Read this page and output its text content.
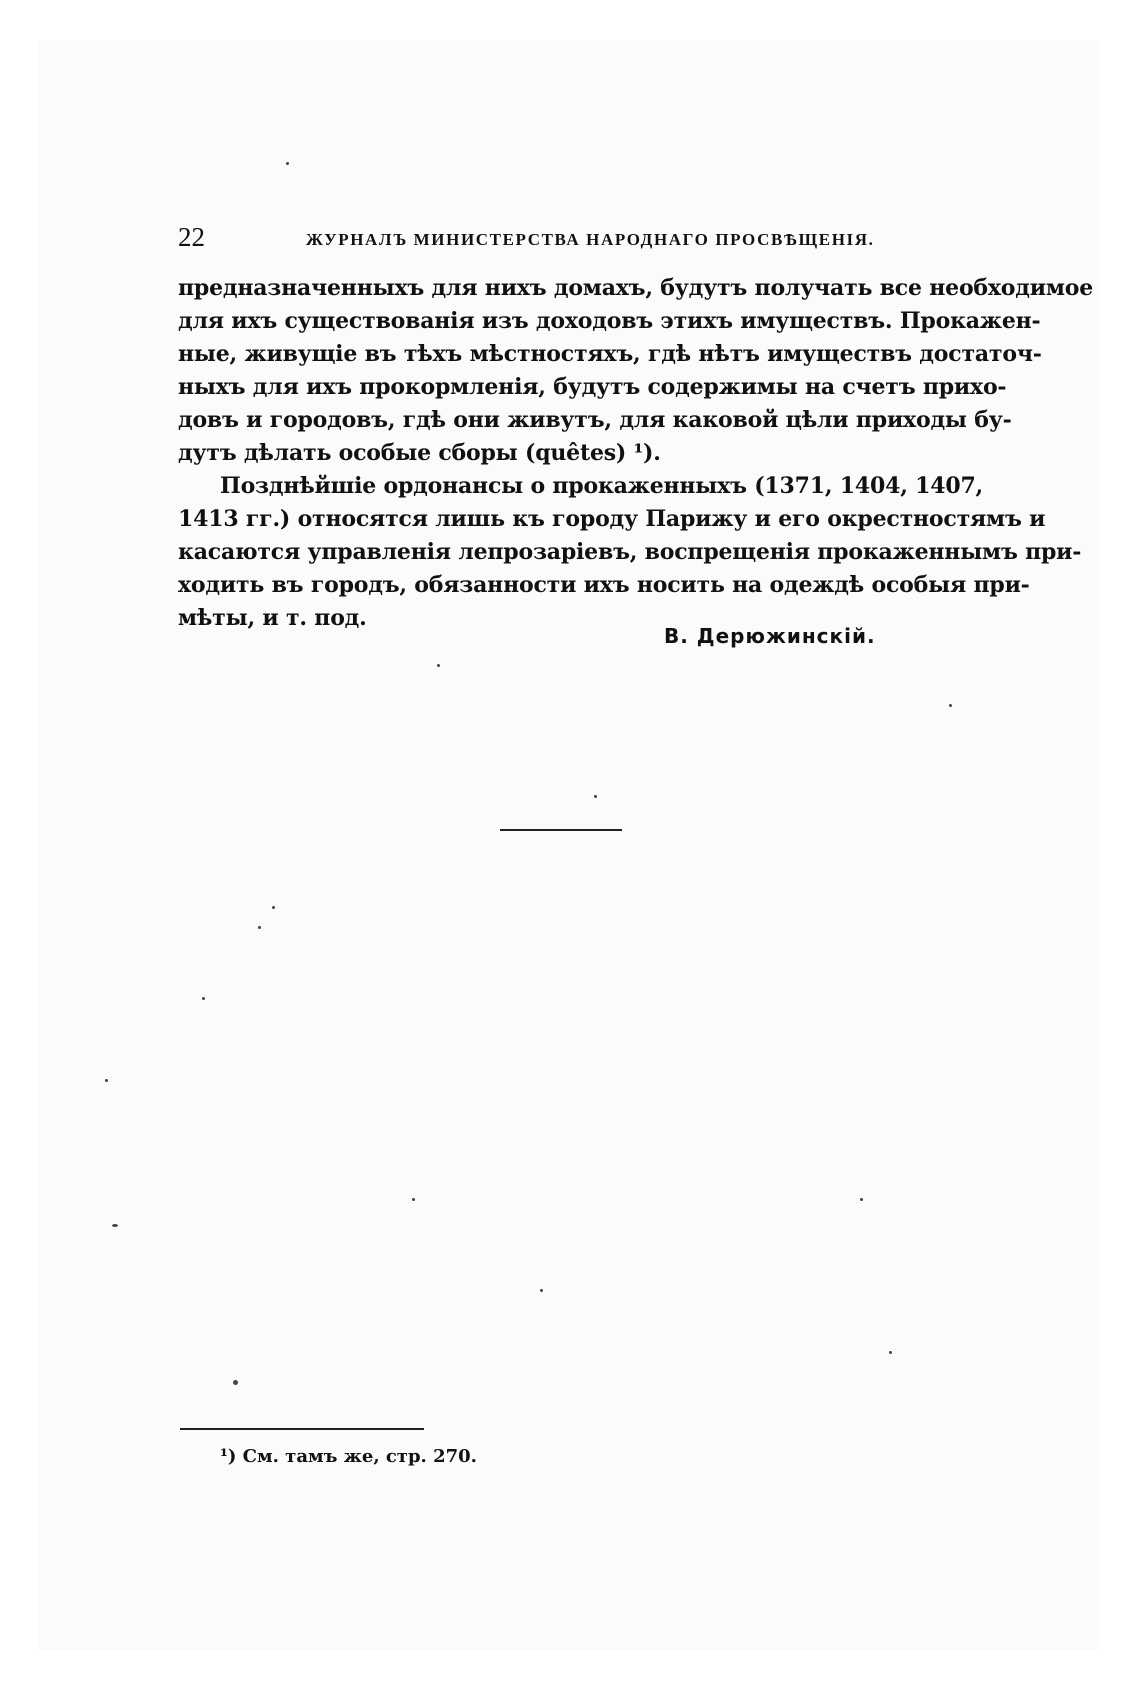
22	ЖУРНАЛЪ МИНИСТЕРСТВА НАРОДНАГО ПРОСВѢЩЕНІЯ.
предназначенныхъ для нихъ домахъ, будутъ получать все необходимое
для ихъ существованія изъ доходовъ этихъ имуществъ. Прокажен-
ные, живущіе въ тѣхъ мѣстностяхъ, гдѣ нѣтъ имуществъ достаточ-
ныхъ для ихъ прокормленія, будутъ содержимы на счетъ прихо-
довъ и городовъ, гдѣ они живутъ, для каковой цѣли приходы бу-
дутъ дѣлать особые сборы (quêtes) ¹).
Позднѣйшіе ордонансы о прокаженныхъ (1371, 1404, 1407,
1413 гг.) относятся лишь къ городу Парижу и его окрестностямъ и
касаются управленія лепрозаріевъ, воспрещенія прокаженнымъ при-
ходить въ городъ, обязанности ихъ носить на одеждѣ особыя при-
мѣты, и т. под.
В. Дерюжинскій.
¹) См. тамъ же, стр. 270.
